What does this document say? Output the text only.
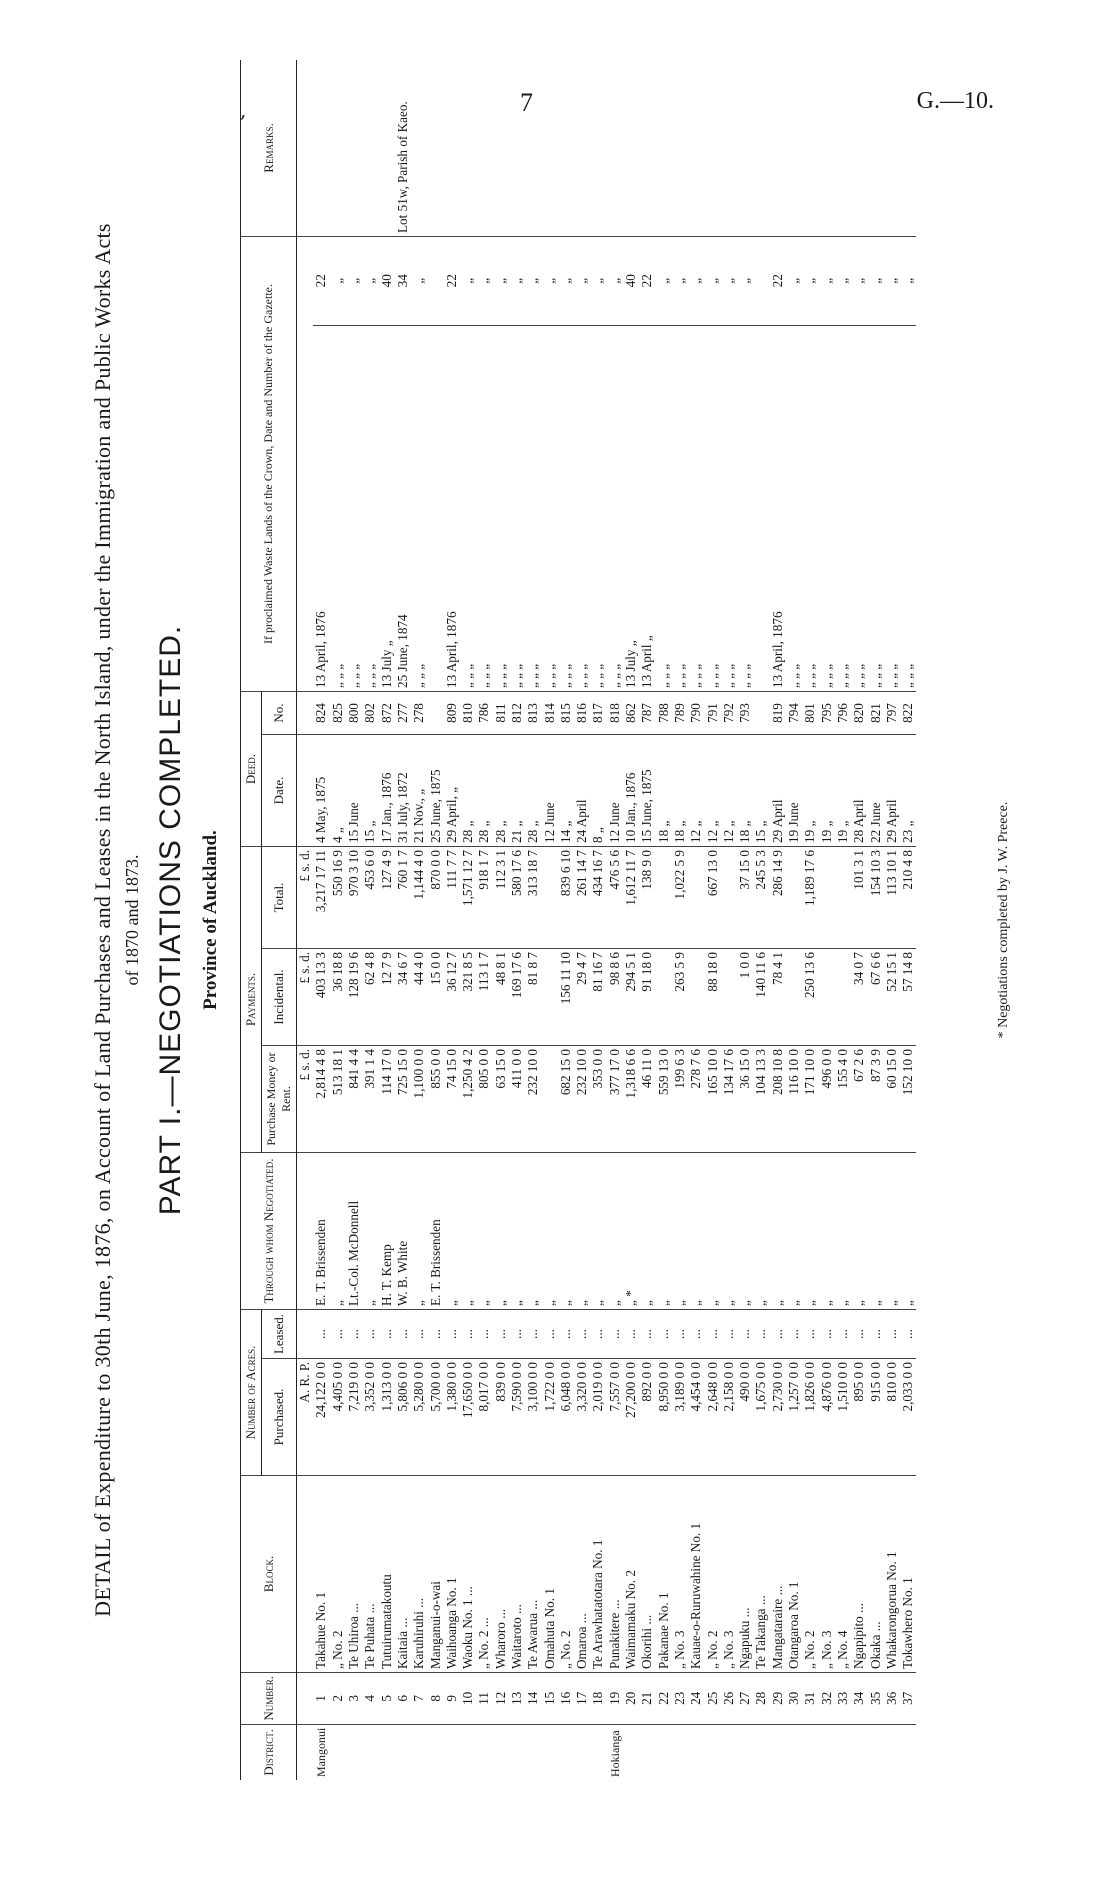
,	7	G.—10.
DETAIL of Expenditure to 30th June, 1876, on Account of Land Purchases and Leases in the North Island, under the Immigration and Public Works Acts of 1870 and 1873. PART I.—NEGOTIATIONS COMPLETED. Province of Auckland.
District.	Number.	Block.	Number of Acres.		Through whom Negotiated.	Payments.			Deed.		If proclaimed Waste Lands of the Crown, Date and Number of the Gazette.		Remarks.
			Purchased.	Leased.		Purchase Money or Rent.	Incidental.	Total.	Date.	No.			
			A. R. P.			£ s. d.	£ s. d.	£ s. d.					
Mangonui	1	Takahue No. 1	24,122 0 0	...	E. T. Brissenden	2,814 4 8	403 13 3	3,217 17 11	4 May, 1875	824	13 April, 1876	22	
	2	„ No. 2	4,405 0 0	...	„	513 18 1	36 18 8	550 16 9	4 „	825	„ „ „	„	
	3	Te Uhiroa ...	7,219 0 0	...	Lt.-Col. McDonnell	841 4 4	128 19 6	970 3 10	15 June	800	„ „ „	„	
	4	Te Puhata ...	3,352 0 0	...	„	391 1 4	62 4 8	453 6 0	15 „	802	„ „ „	„	
	5	Tutuirumatakoutu	1,313 0 0	...	H. T. Kemp	114 17 0	12 7 9	127 4 9	17 Jan., 1876	872	13 July „	40	
	6	Kaitaia ...	5,806 0 0	...	W. B. White	725 15 0	34 6 7	760 1 7	31 July, 1872	277	25 June, 1874	34	Lot 51w, Parish of Kaeo.
	7	Karuhiruhi ...	5,280 0 0	...	„	1,100 0 0	44 4 0	1,144 4 0	21 Nov., „	278	„ „ „	„	
	8	Manganui-o-wai	5,700 0 0	...	E. T. Brissenden	855 0 0	15 0 0	870 0 0	25 June, 1875				
	9	Waihoanga No. 1	1,380 0 0	...	„	74 15 0	36 12 7	111 7 7	29 April, „	809	13 April, 1876	22	
	10	Waoku No. 1 ...	17,650 0 0	...	„	1,250 4 2	321 8 5	1,571 12 7	28 „	810	„ „ „	„	
	11	„ No. 2 ...	8,017 0 0	...	„	805 0 0	113 1 7	918 1 7	28 „	786	„ „ „	„	
	12	Wharoro ...	839 0 0	...	„	63 15 0	48 8 1	112 3 1	28 „	811	„ „ „	„	
	13	Waitaroto ...	7,590 0 0	...	„	411 0 0	169 17 6	580 17 6	21 „	812	„ „ „	„	
	14	Te Awarua ...	3,100 0 0	...	„	232 10 0	81 8 7	313 18 7	28 „	813	„ „ „	„	
	15	Omahuta No. 1	1,722 0 0	...	„				12 June	814	„ „ „	„	
	16	„ No. 2	6,048 0 0	...	„	682 15 0	156 11 10	839 6 10	14 „	815	„ „ „	„	
	17	Omaroa ...	3,320 0 0	...	„	232 10 0	29 4 7	261 14 7	24 April	816	„ „ „	„	
	18	Te Arawhatatotara No. 1	2,019 0 0	...	„	353 0 0	81 16 7	434 16 7	8 „	817	„ „ „	„	
Hokianga	19	Punakitere ...	7,557 0 0	...	„	377 17 0	98 8 6	476 5 6	12 June	818	„ „ „	„	
	20	Waimamaku No. 2	27,200 0 0	...	„ *	1,318 6 6	294 5 1	1,612 11 7	10 Jan., 1876	862	13 July „	40	
	21	Okorihi ...	892 0 0	...	„	46 11 0	91 18 0	138 9 0	15 June, 1875	787	13 April „	22	
	22	Pakanae No. 1	8,950 0 0	...	„	559 13 0			18 „	788	„ „ „	„	
	23	„ No. 3	3,189 0 0	...	„	199 6 3	263 5 9	1,022 5 9	18 „	789	„ „ „	„	
	24	Kauae-o-Ruruwahine No. 1	4,454 0 0	...	„	278 7 6			12 „	790	„ „ „	„	
	25	„ No. 2	2,648 0 0	...	„	165 10 0	88 18 0	667 13 0	12 „	791	„ „ „	„	
	26	„ No. 3	2,158 0 0	...	„	134 17 6			12 „	792	„ „ „	„	
	27	Ngapuku ...	490 0 0	...	„	36 15 0	1 0 0	37 15 0	18 „	793	„ „ „	„	
	28	Te Takanga ...	1,675 0 0	...	„	104 13 3	140 11 6	245 5 3	15 „				
	29	Mangataraire ...	2,730 0 0	...	„	208 10 8	78 4 1	286 14 9	29 April	819	13 April, 1876	22	
	30	Otangaroa No. 1	1,257 0 0	...	„	116 10 0			19 June	794	„ „ „	„	
	31	„ No. 2	1,826 0 0	...	„	171 10 0	250 13 6	1,189 17 6	19 „	801	„ „ „	„	
	32	„ No. 3	4,876 0 0	...	„	496 0 0			19 „	795	„ „ „	„	
	33	„ No. 4	1,510 0 0	...	„	155 4 0			19 „	796	„ „ „	„	
	34	Ngapipito ...	895 0 0	...	„	67 2 6	34 0 7	101 3 1	28 April	820	„ „ „	„	
	35	Okaka ...	915 0 0	...	„	87 3 9	67 6 6	154 10 3	22 June	821	„ „ „	„	
	36	Whakarongorua No. 1	810 0 0	...	„	60 15 0	52 15 1	113 10 1	29 April	797	„ „ „	„	
	37	Tokawhero No. 1	2,033 0 0	...	„	152 10 0	57 14 8	210 4 8	23 „	822	„ „ „	„	
* Negotiations completed by J. W. Preece.
